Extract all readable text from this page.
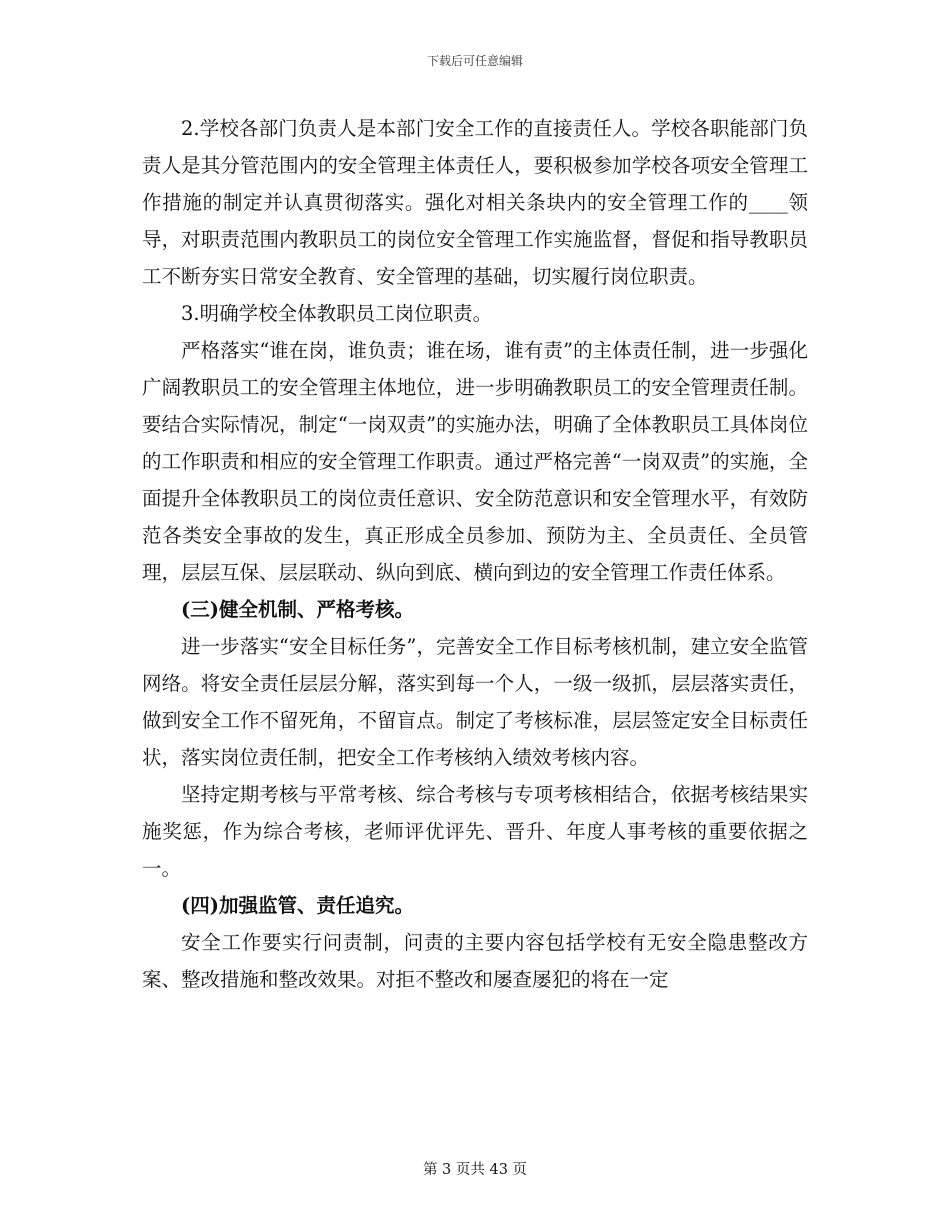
下载后可任意编辑

2.学校各部门负责人是本部门安全工作的直接责任人。学校各职能部门负责人是其分管范围内的安全管理主体责任人，要积极参加学校各项安全管理工作措施的制定并认真贯彻落实。强化对相关条块内的安全管理工作的____领导，对职责范围内教职员工的岗位安全管理工作实施监督，督促和指导教职员工不断夯实日常安全教育、安全管理的基础，切实履行岗位职责。

3.明确学校全体教职员工岗位职责。

严格落实“谁在岗，谁负责；谁在场，谁有责”的主体责任制，进一步强化广阔教职员工的安全管理主体地位，进一步明确教职员工的安全管理责任制。要结合实际情况，制定“一岗双责”的实施办法，明确了全体教职员工具体岗位的工作职责和相应的安全管理工作职责。通过严格完善“一岗双责”的实施，全面提升全体教职员工的岗位责任意识、安全防范意识和安全管理水平，有效防范各类安全事故的发生，真正形成全员参加、预防为主、全员责任、全员管理，层层互保、层层联动、纵向到底、横向到边的安全管理工作责任体系。

(三)健全机制、严格考核。

进一步落实“安全目标任务”，完善安全工作目标考核机制，建立安全监管网络。将安全责任层层分解，落实到每一个人，一级一级抓，层层落实责任，做到安全工作不留死角，不留盲点。制定了考核标准，层层签定安全目标责任状，落实岗位责任制，把安全工作考核纳入绩效考核内容。

坚持定期考核与平常考核、综合考核与专项考核相结合，依据考核结果实施奖惩，作为综合考核，老师评优评先、晋升、年度人事考核的重要依据之一。

(四)加强监管、责任追究。

安全工作要实行问责制，问责的主要内容包括学校有无安全隐患整改方案、整改措施和整改效果。对拒不整改和屡查屡犯的将在一定

第 3 页共 43 页
